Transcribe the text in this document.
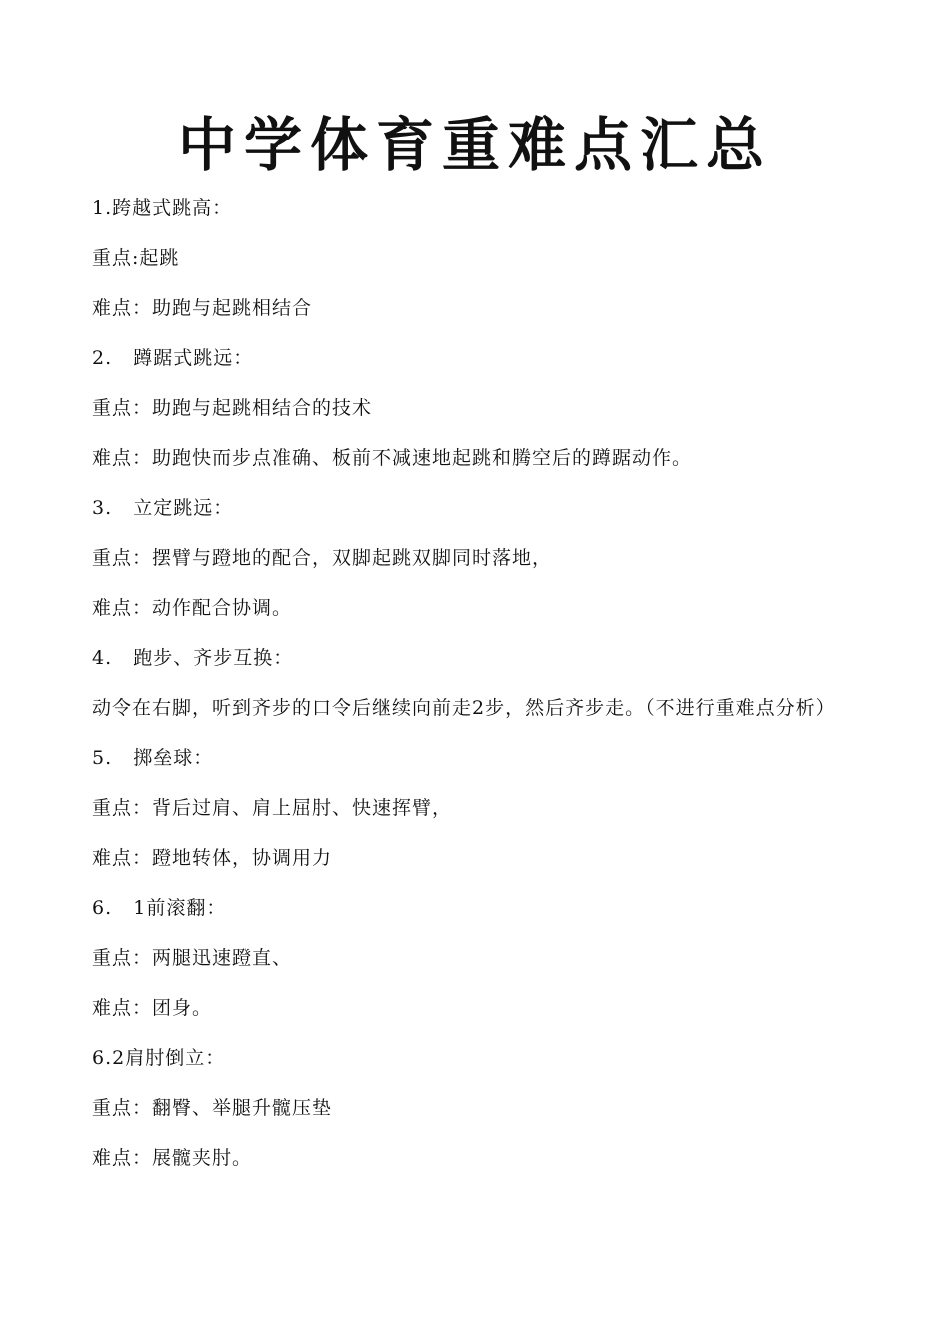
中学体育重难点汇总
1.跨越式跳高：
重点:起跳
难点：助跑与起跳相结合
2.   蹲踞式跳远：
重点：助跑与起跳相结合的技术
难点：助跑快而步点准确、板前不减速地起跳和腾空后的蹲踞动作。
3.   立定跳远：
重点：摆臂与蹬地的配合，双脚起跳双脚同时落地，
难点：动作配合协调。
4.   跑步、齐步互换：
动令在右脚，听到齐步的口令后继续向前走2步，然后齐步走。（不进行重难点分析）
5.   掷垒球：
重点：背后过肩、肩上屈肘、快速挥臂，
难点：蹬地转体，协调用力
6.   1前滚翻：
重点：两腿迅速蹬直、
难点：团身。
6.2肩肘倒立：
重点：翻臀、举腿升髋压垫
难点：展髋夹肘。
